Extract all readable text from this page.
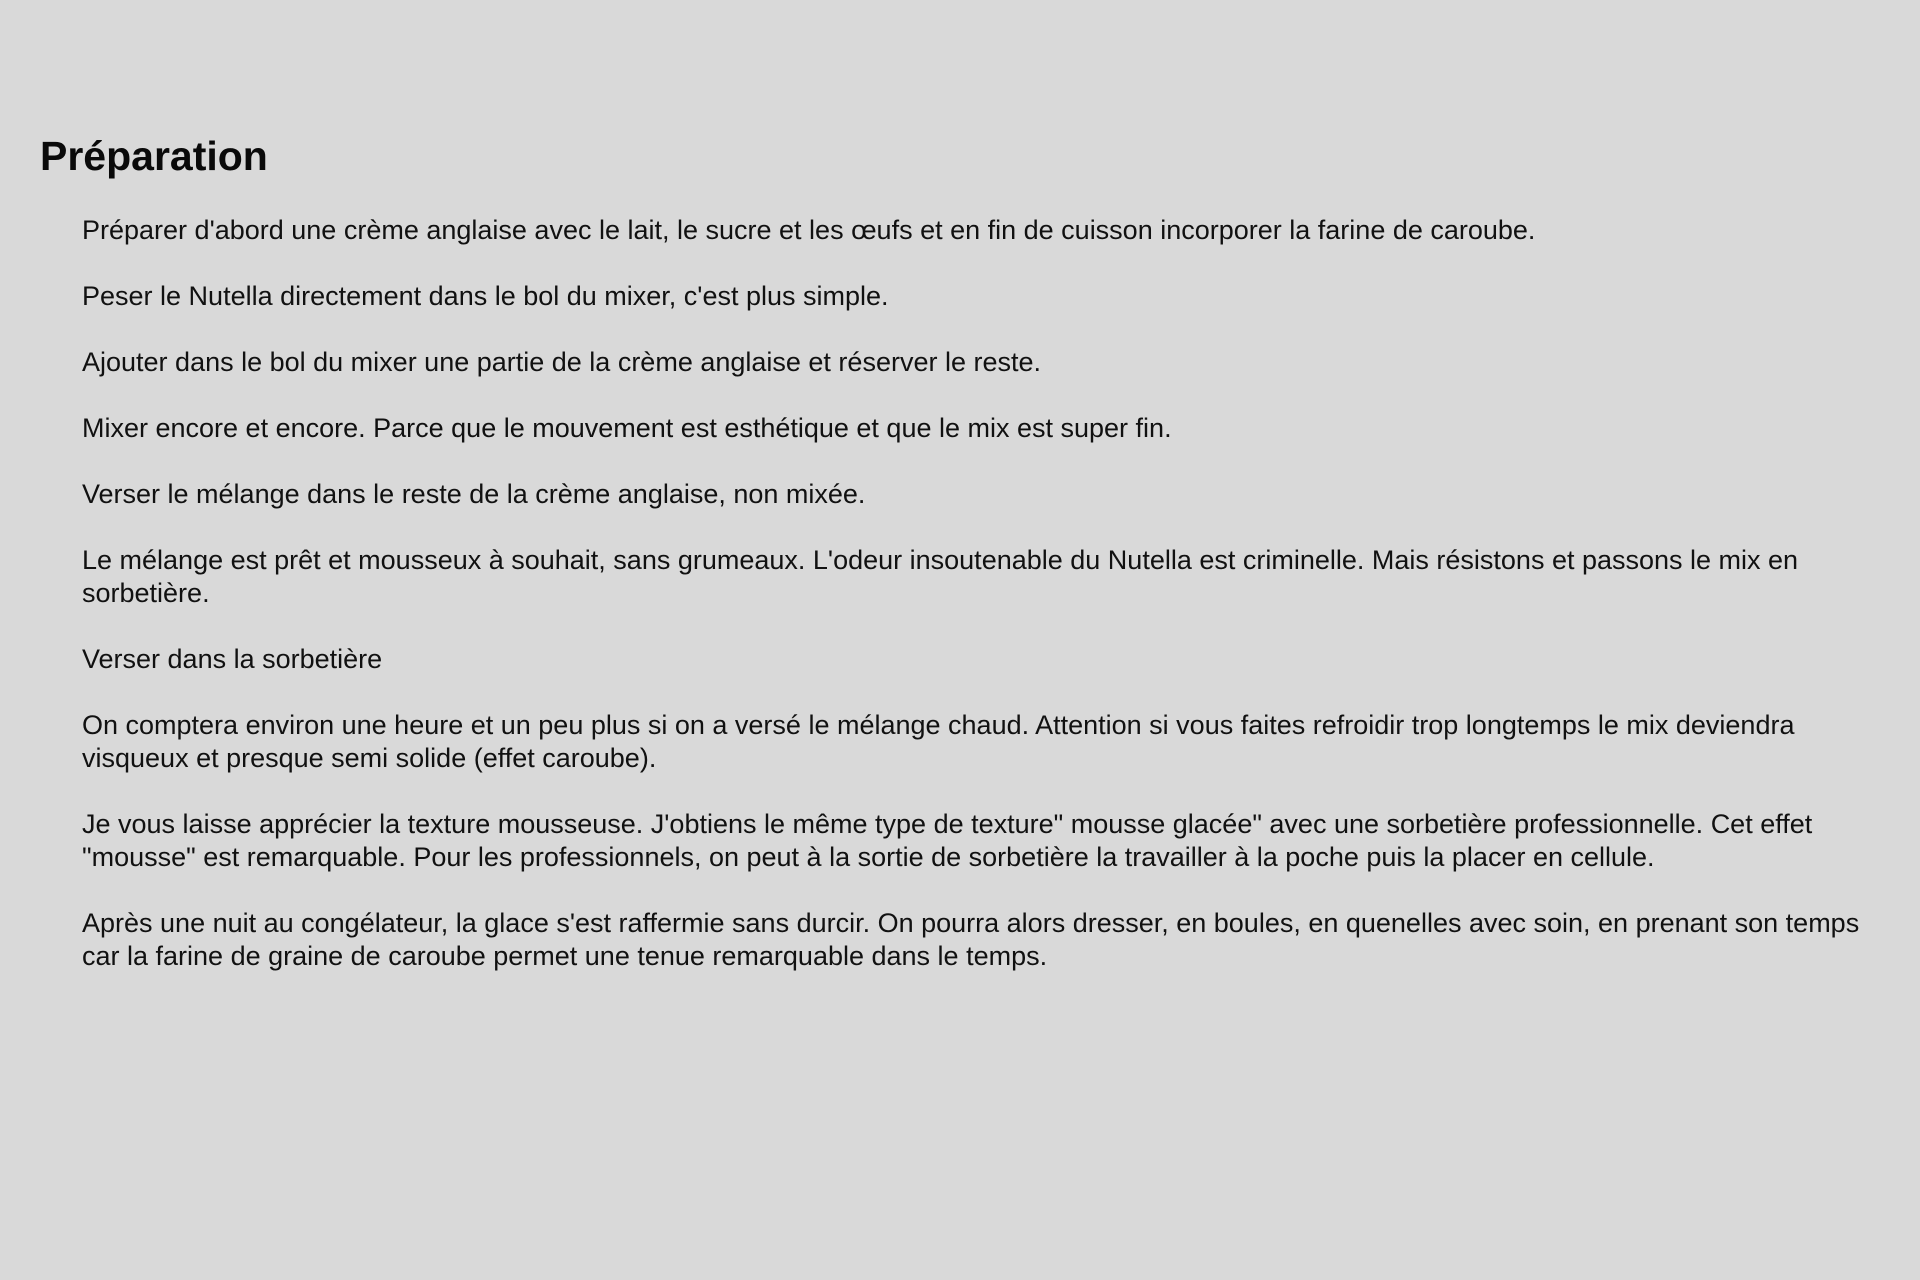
Préparation
Préparer d'abord une crème anglaise avec le lait, le sucre et les œufs et en fin de cuisson incorporer la farine de caroube.
Peser le Nutella directement dans le bol du mixer, c'est plus simple.
Ajouter dans le bol du mixer une partie de la crème anglaise et réserver le reste.
Mixer encore et encore. Parce que le mouvement est esthétique et que le mix est super fin.
Verser le mélange dans le reste de la crème anglaise, non mixée.
Le mélange est prêt et mousseux à souhait, sans grumeaux. L'odeur insoutenable du Nutella est criminelle. Mais résistons et passons le mix en sorbetière.
Verser dans la sorbetière
On comptera environ une heure et un peu plus si on a versé le mélange chaud. Attention si vous faites refroidir trop longtemps le mix deviendra visqueux et presque semi solide (effet caroube).
Je vous laisse apprécier la texture mousseuse. J'obtiens le même type de texture" mousse glacée" avec une sorbetière professionnelle. Cet effet "mousse" est remarquable. Pour les professionnels, on peut à la sortie de sorbetière la travailler à la poche puis la placer en cellule.
Après une nuit au congélateur, la glace s'est raffermie sans durcir. On pourra alors dresser, en boules, en quenelles avec soin, en prenant son temps car la farine de graine de caroube permet une tenue remarquable dans le temps.
